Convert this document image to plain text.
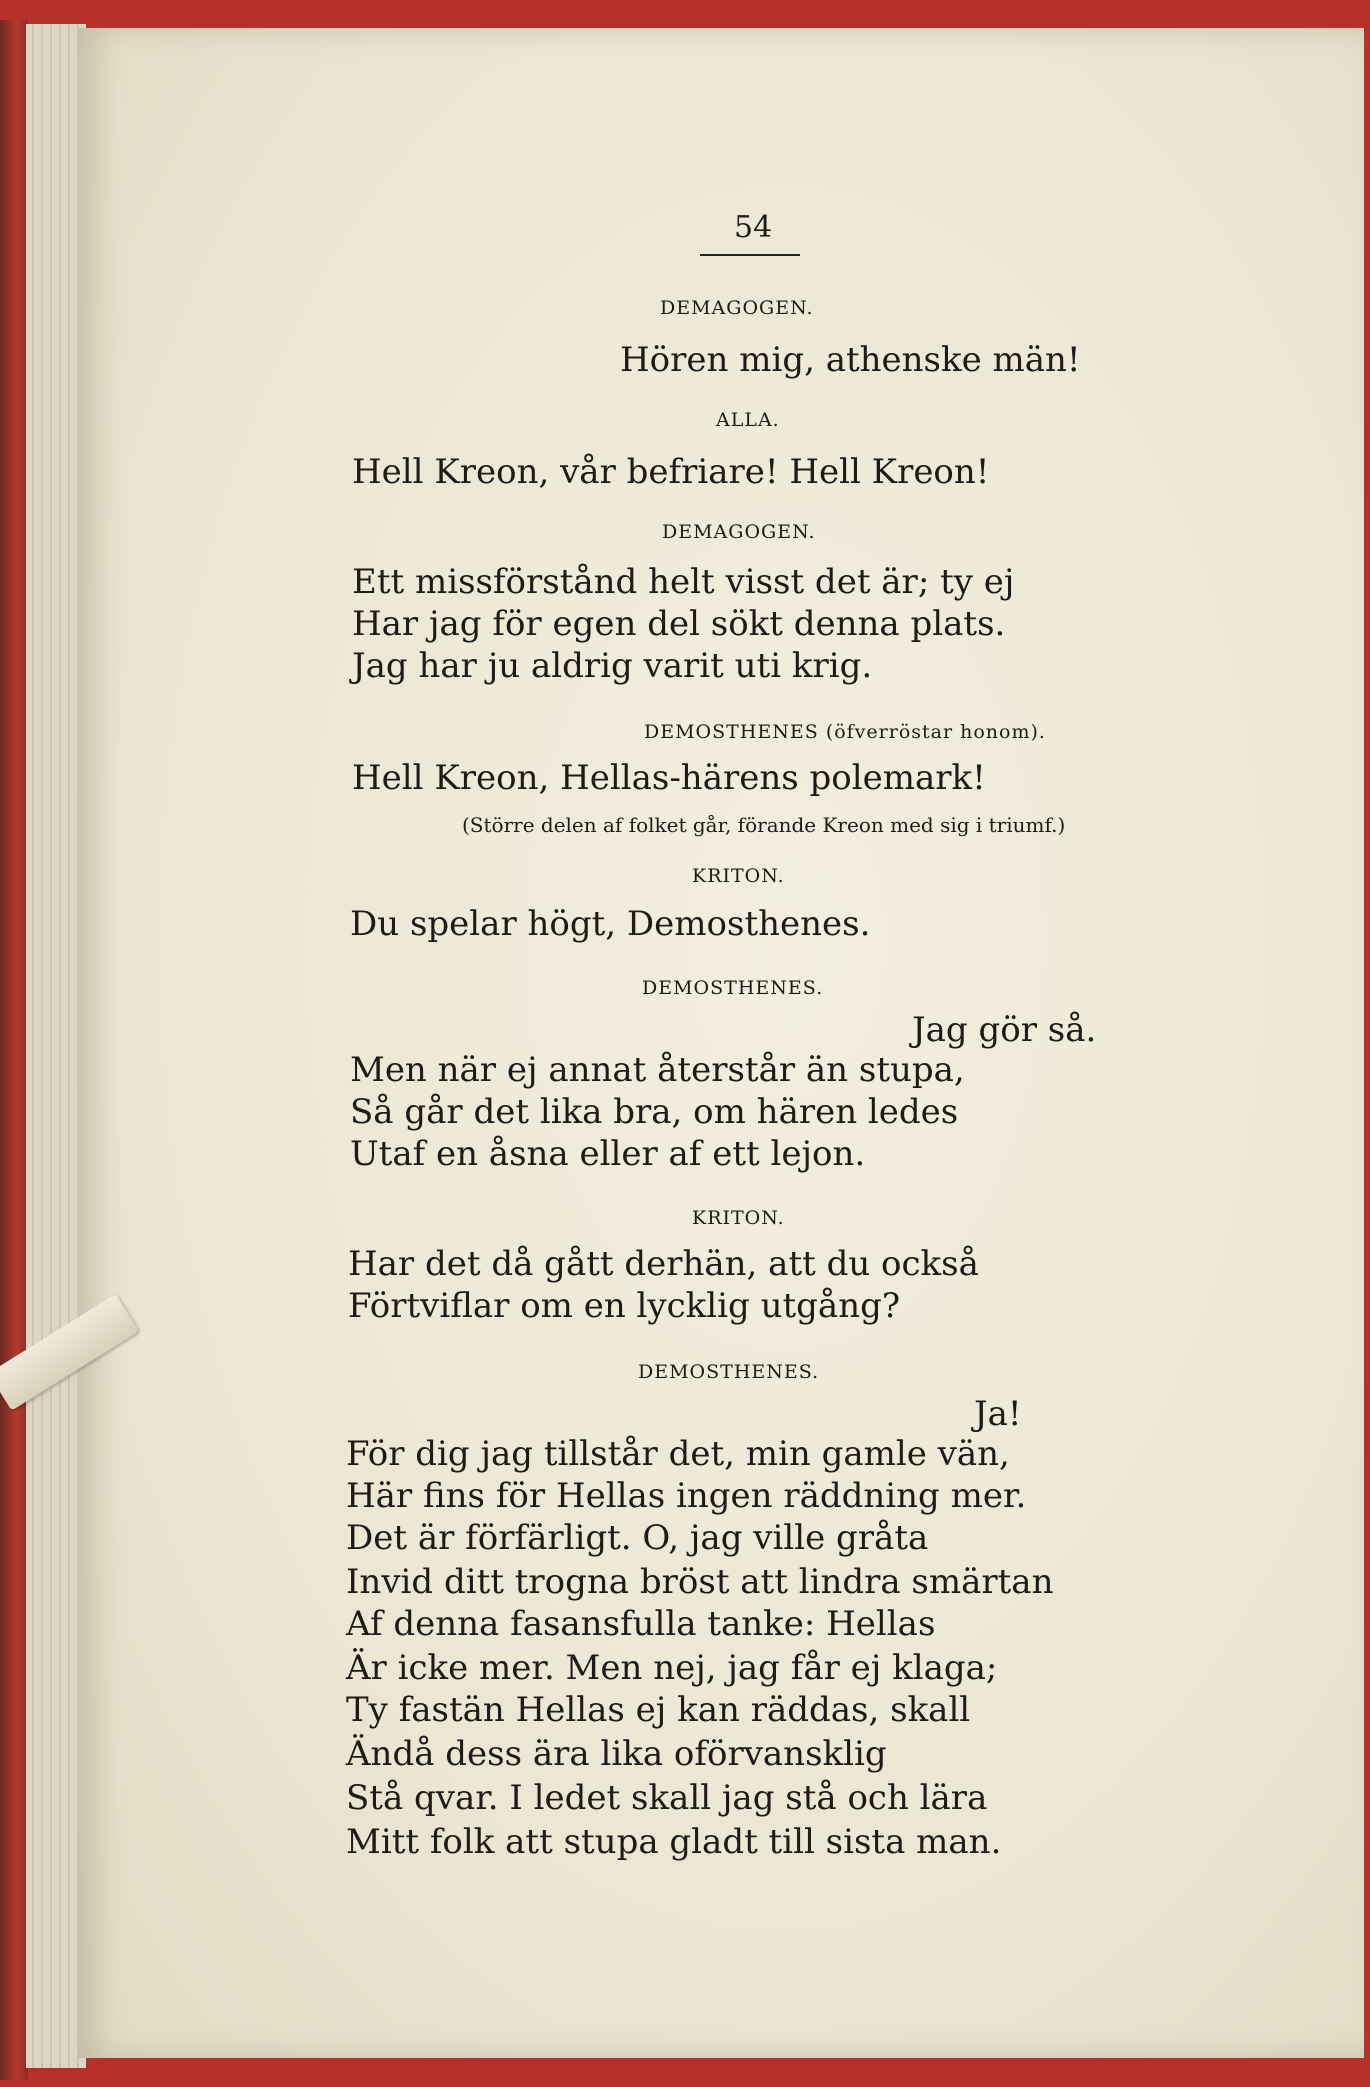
54
DEMAGOGEN.
Hören mig, athenske män!
ALLA.
Hell Kreon, vår befriare! Hell Kreon!
DEMAGOGEN.
Ett missförstånd helt visst det är; ty ej
Har jag för egen del sökt denna plats.
Jag har ju aldrig varit uti krig.
DEMOSTHENES (öfverröstar honom).
Hell Kreon, Hellas-härens polemark!
(Större delen af folket går, förande Kreon med sig i triumf.)
KRITON.
Du spelar högt, Demosthenes.
DEMOSTHENES.
Jag gör så.
Men när ej annat återstår än stupa,
Så går det lika bra, om hären ledes
Utaf en åsna eller af ett lejon.
KRITON.
Har det då gått derhän, att du också
Förtviflar om en lycklig utgång?
DEMOSTHENES.
Ja!
För dig jag tillstår det, min gamle vän,
Här fins för Hellas ingen räddning mer.
Det är förfärligt. O, jag ville gråta
Invid ditt trogna bröst att lindra smärtan
Af denna fasansfulla tanke: Hellas
Är icke mer. Men nej, jag får ej klaga;
Ty fastän Hellas ej kan räddas, skall
Ändå dess ära lika oförvansklig
Stå qvar. I ledet skall jag stå och lära
Mitt folk att stupa gladt till sista man.
